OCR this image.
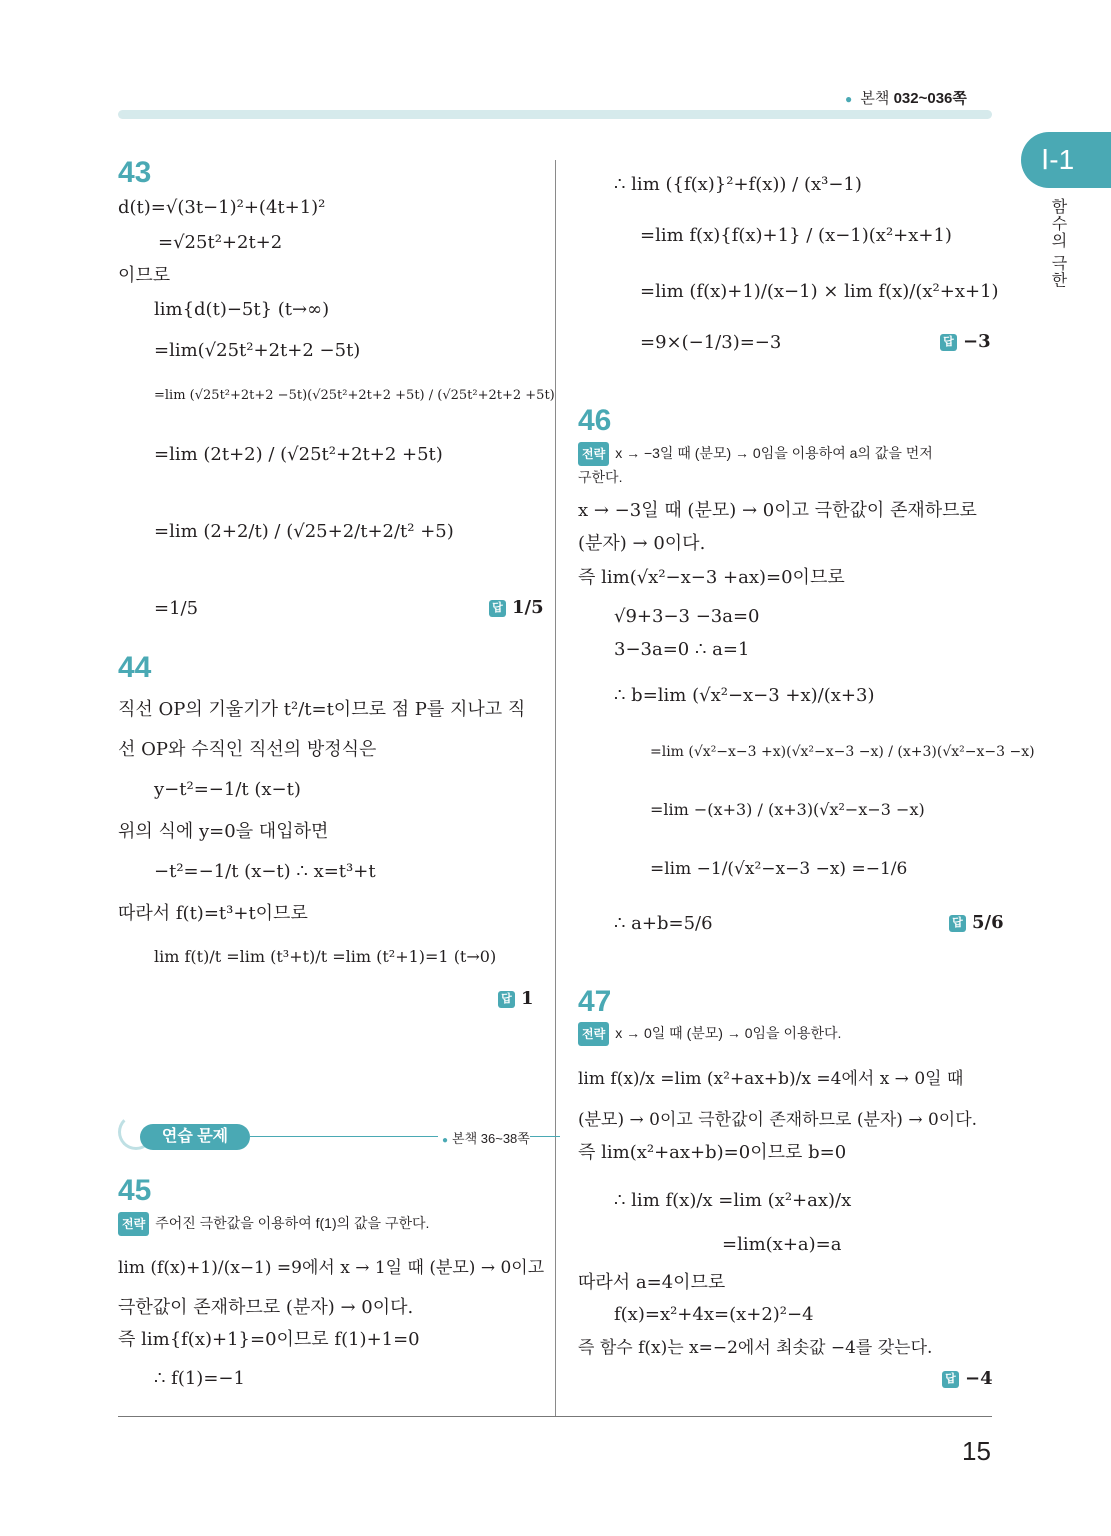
● 본책 032~036쪽
Ⅰ-1
함수의 극한
43
d(t)=√(3t−1)²+(4t+1)²
=√25t²+2t+2
이므로
lim{d(t)−5t} (t→∞)
=lim(√25t²+2t+2 −5t)
=lim (√25t²+2t+2 −5t)(√25t²+2t+2 +5t) / (√25t²+2t+2 +5t)
=lim (2t+2) / (√25t²+2t+2 +5t)
=lim (2+2/t) / (√25+2/t+2/t² +5)
=1/5	답 1/5
44
직선 OP의 기울기가 t²/t=t이므로 점 P를 지나고 직
선 OP와 수직인 직선의 방정식은
y−t²=−1/t (x−t)
위의 식에 y=0을 대입하면
−t²=−1/t (x−t) ∴ x=t³+t
따라서 f(t)=t³+t이므로
lim f(t)/t =lim (t³+t)/t =lim (t²+1)=1 (t→0)
답 1
연습 문제	● 본책 36~38쪽
45
전략 주어진 극한값을 이용하여 f(1)의 값을 구한다.
lim (f(x)+1)/(x−1) =9에서 x → 1일 때 (분모) → 0이고
극한값이 존재하므로 (분자) → 0이다.
즉 lim{f(x)+1}=0이므로 f(1)+1=0
∴ f(1)=−1
∴ lim ({f(x)}²+f(x)) / (x³−1)
=lim f(x){f(x)+1} / (x−1)(x²+x+1)
=lim (f(x)+1)/(x−1) × lim f(x)/(x²+x+1)
=9×(−1/3)=−3	답 −3
46
전략 x → −3일 때 (분모) → 0임을 이용하여 a의 값을 먼저
구한다.
x → −3일 때 (분모) → 0이고 극한값이 존재하므로
(분자) → 0이다.
즉 lim(√x²−x−3 +ax)=0이므로
√9+3−3 −3a=0
3−3a=0 ∴ a=1
∴ b=lim (√x²−x−3 +x)/(x+3)
=lim (√x²−x−3 +x)(√x²−x−3 −x) / (x+3)(√x²−x−3 −x)
=lim −(x+3) / (x+3)(√x²−x−3 −x)
=lim −1/(√x²−x−3 −x) =−1/6
∴ a+b=5/6	답 5/6
47
전략 x → 0일 때 (분모) → 0임을 이용한다.
lim f(x)/x =lim (x²+ax+b)/x =4에서 x → 0일 때
(분모) → 0이고 극한값이 존재하므로 (분자) → 0이다.
즉 lim(x²+ax+b)=0이므로 b=0
∴ lim f(x)/x =lim (x²+ax)/x
=lim(x+a)=a
따라서 a=4이므로
f(x)=x²+4x=(x+2)²−4
즉 함수 f(x)는 x=−2에서 최솟값 −4를 갖는다.
답 −4
15
